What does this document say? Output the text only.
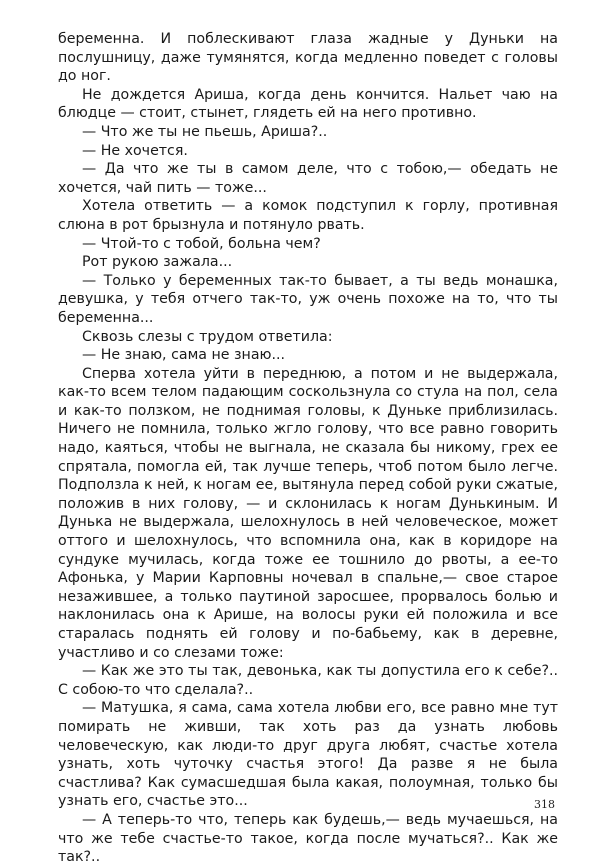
беременна. И поблескивают глаза жадные у Дуньки на послушницу, даже тумянятся, когда медленно поведет с головы до ног.

Не дождется Ариша, когда день кончится. Нальет чаю на блюдце — стоит, стынет, глядеть ей на него противно.

— Что же ты не пьешь, Ариша?..

— Не хочется.

— Да что же ты в самом деле, что с тобою,— обедать не хочется, чай пить — тоже...

Хотела ответить — а комок подступил к горлу, противная слюна в рот брызнула и потянуло рвать.

— Чтой-то с тобой, больна чем?

Рот рукою зажала...

— Только у беременных так-то бывает, а ты ведь монашка, девушка, у тебя отчего так-то, уж очень похоже на то, что ты беременна...

Сквозь слезы с трудом ответила:

— Не знаю, сама не знаю...

Сперва хотела уйти в переднюю, а потом и не выдержала, как-то всем телом падающим соскользнула со стула на пол, села и как-то ползком, не поднимая головы, к Дуньке приблизилась. Ничего не помнила, только жгло голову, что все равно говорить надо, каяться, чтобы не выгнала, не сказала бы никому, грех ее спрятала, помогла ей, так лучше теперь, чтоб потом было легче. Подползла к ней, к ногам ее, вытянула перед собой руки сжатые, положив в них голову, — и склонилась к ногам Дунькиным. И Дунька не выдержала, шелохнулось в ней человеческое, может оттого и шелохнулось, что вспомнила она, как в коридоре на сундуке мучилась, когда тоже ее тошнило до рвоты, а ее-то Афонька, у Марии Карповны ночевал в спальне,— свое старое незажившее, а только паутиной заросшее, прорвалось болью и наклонилась она к Арише, на волосы руки ей положила и все старалась поднять ей голову и по-бабьему, как в деревне, участливо и со слезами тоже:

— Как же это ты так, девонька, как ты допустила его к себе?.. С собою-то что сделала?..

— Матушка, я сама, сама хотела любви его, все равно мне тут помирать не живши, так хоть раз да узнать любовь человеческую, как люди-то друг друга любят, счастье хотела узнать, хоть чуточку счастья этого! Да разве я не была счастлива? Как сумасшедшая была какая, полоумная, только бы узнать его, счастье это...

— А теперь-то что, теперь как будешь,— ведь мучаешься, на что же тебе счастье-то такое, когда после мучаться?.. Как же так?..

318
